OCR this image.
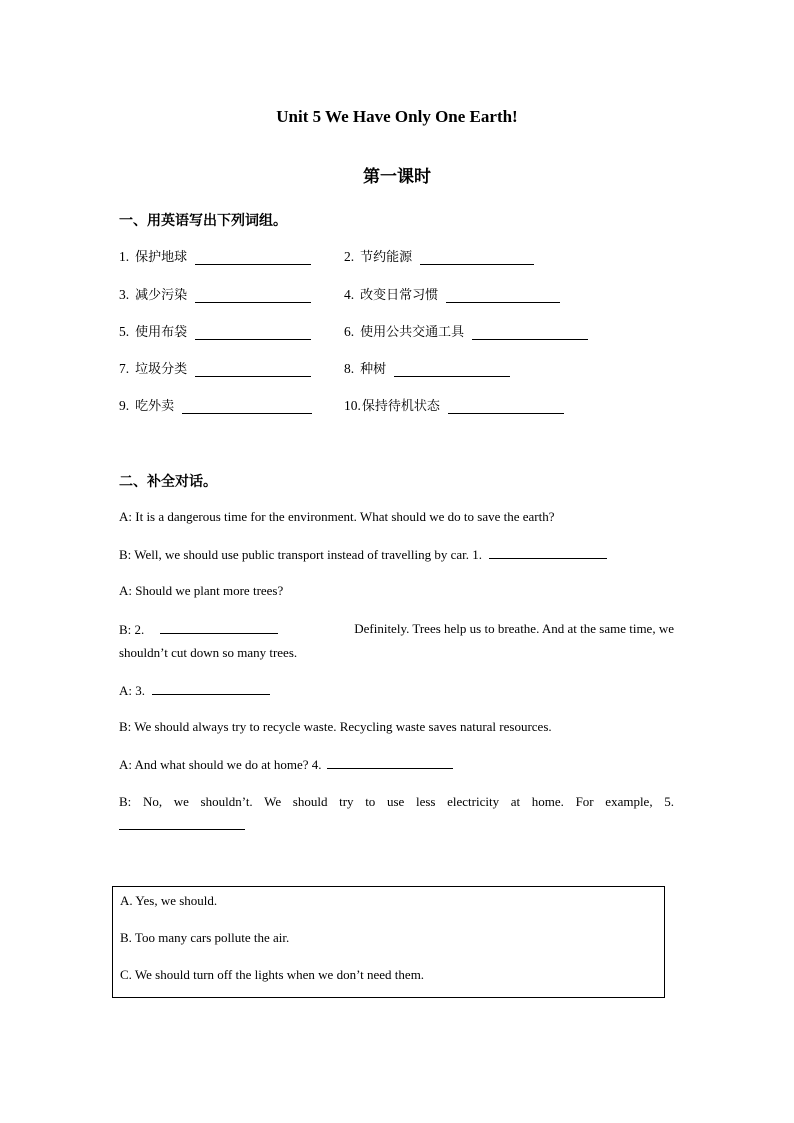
Unit 5 We Have Only One Earth!
第一课时
一、用英语写出下列词组。
1. 保护地球	2. 节约能源
3. 减少污染	4. 改变日常习惯
5. 使用布袋	6. 使用公共交通工具
7. 垃圾分类	8. 种树
9. 吃外卖	10. 保持待机状态
二、补全对话。
A: It is a dangerous time for the environment. What should we do to save the earth?
B: Well, we should use public transport instead of travelling by car. 1.
A: Should we plant more trees?
B: 2.	Definitely. Trees help us to breathe. And at the same time, we
shouldn’t cut down so many trees.
A: 3.
B: We should always try to recycle waste. Recycling waste saves natural resources.
A: And what should we do at home? 4.
B: No, we shouldn’t. We should try to use less electricity at home. For example, 5.
A. Yes, we should.
B. Too many cars pollute the air.
C. We should turn off the lights when we don’t need them.
